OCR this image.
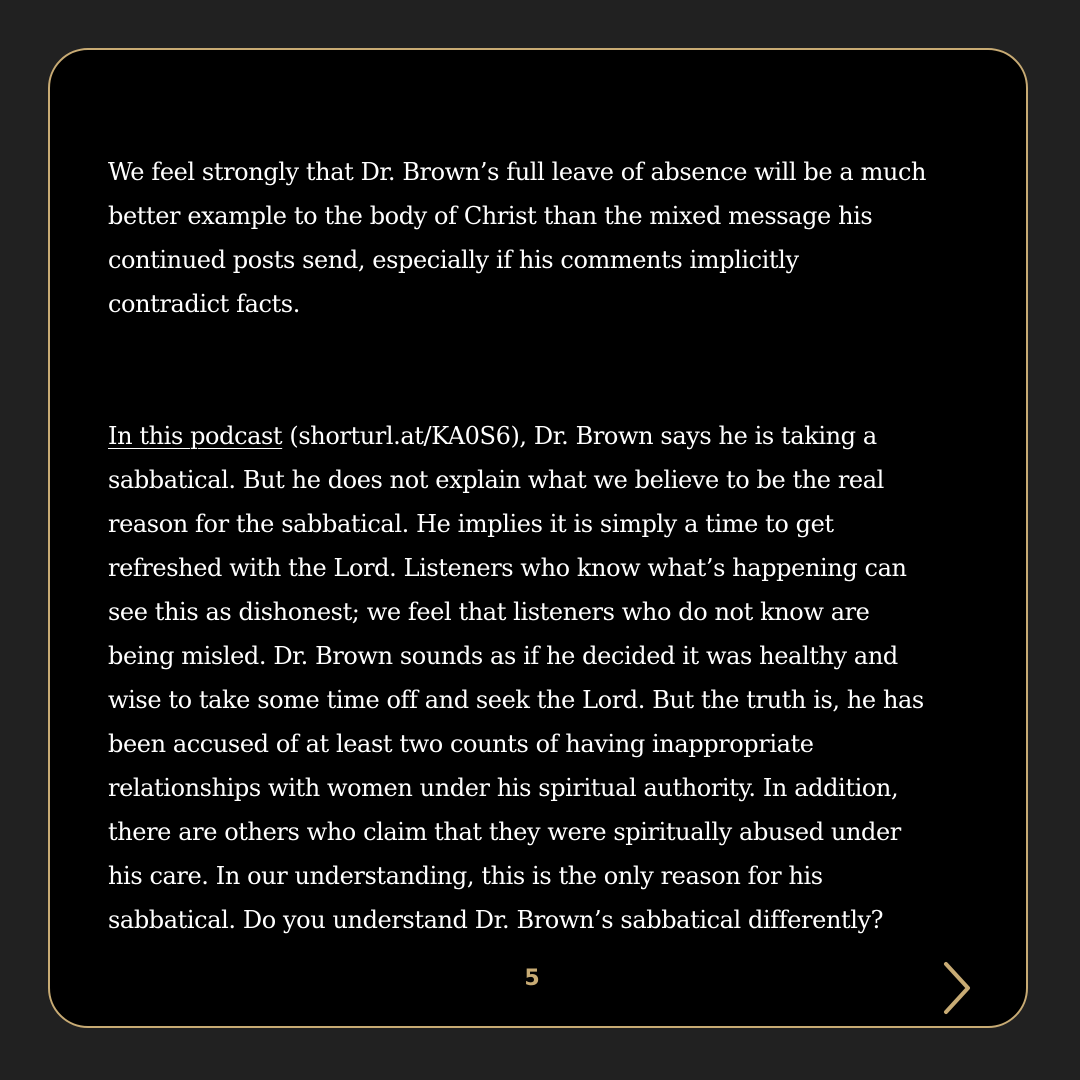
We feel strongly that Dr. Brown’s full leave of absence will be a much
better example to the body of Christ than the mixed message his
continued posts send, especially if his comments implicitly
contradict facts.

In this podcast (shorturl.at/KA0S6), Dr. Brown says he is taking a
sabbatical. But he does not explain what we believe to be the real
reason for the sabbatical. He implies it is simply a time to get
refreshed with the Lord. Listeners who know what’s happening can
see this as dishonest; we feel that listeners who do not know are
being misled. Dr. Brown sounds as if he decided it was healthy and
wise to take some time off and seek the Lord. But the truth is, he has
been accused of at least two counts of having inappropriate
relationships with women under his spiritual authority. In addition,
there are others who claim that they were spiritually abused under
his care. In our understanding, this is the only reason for his
sabbatical. Do you understand Dr. Brown’s sabbatical differently?

5
